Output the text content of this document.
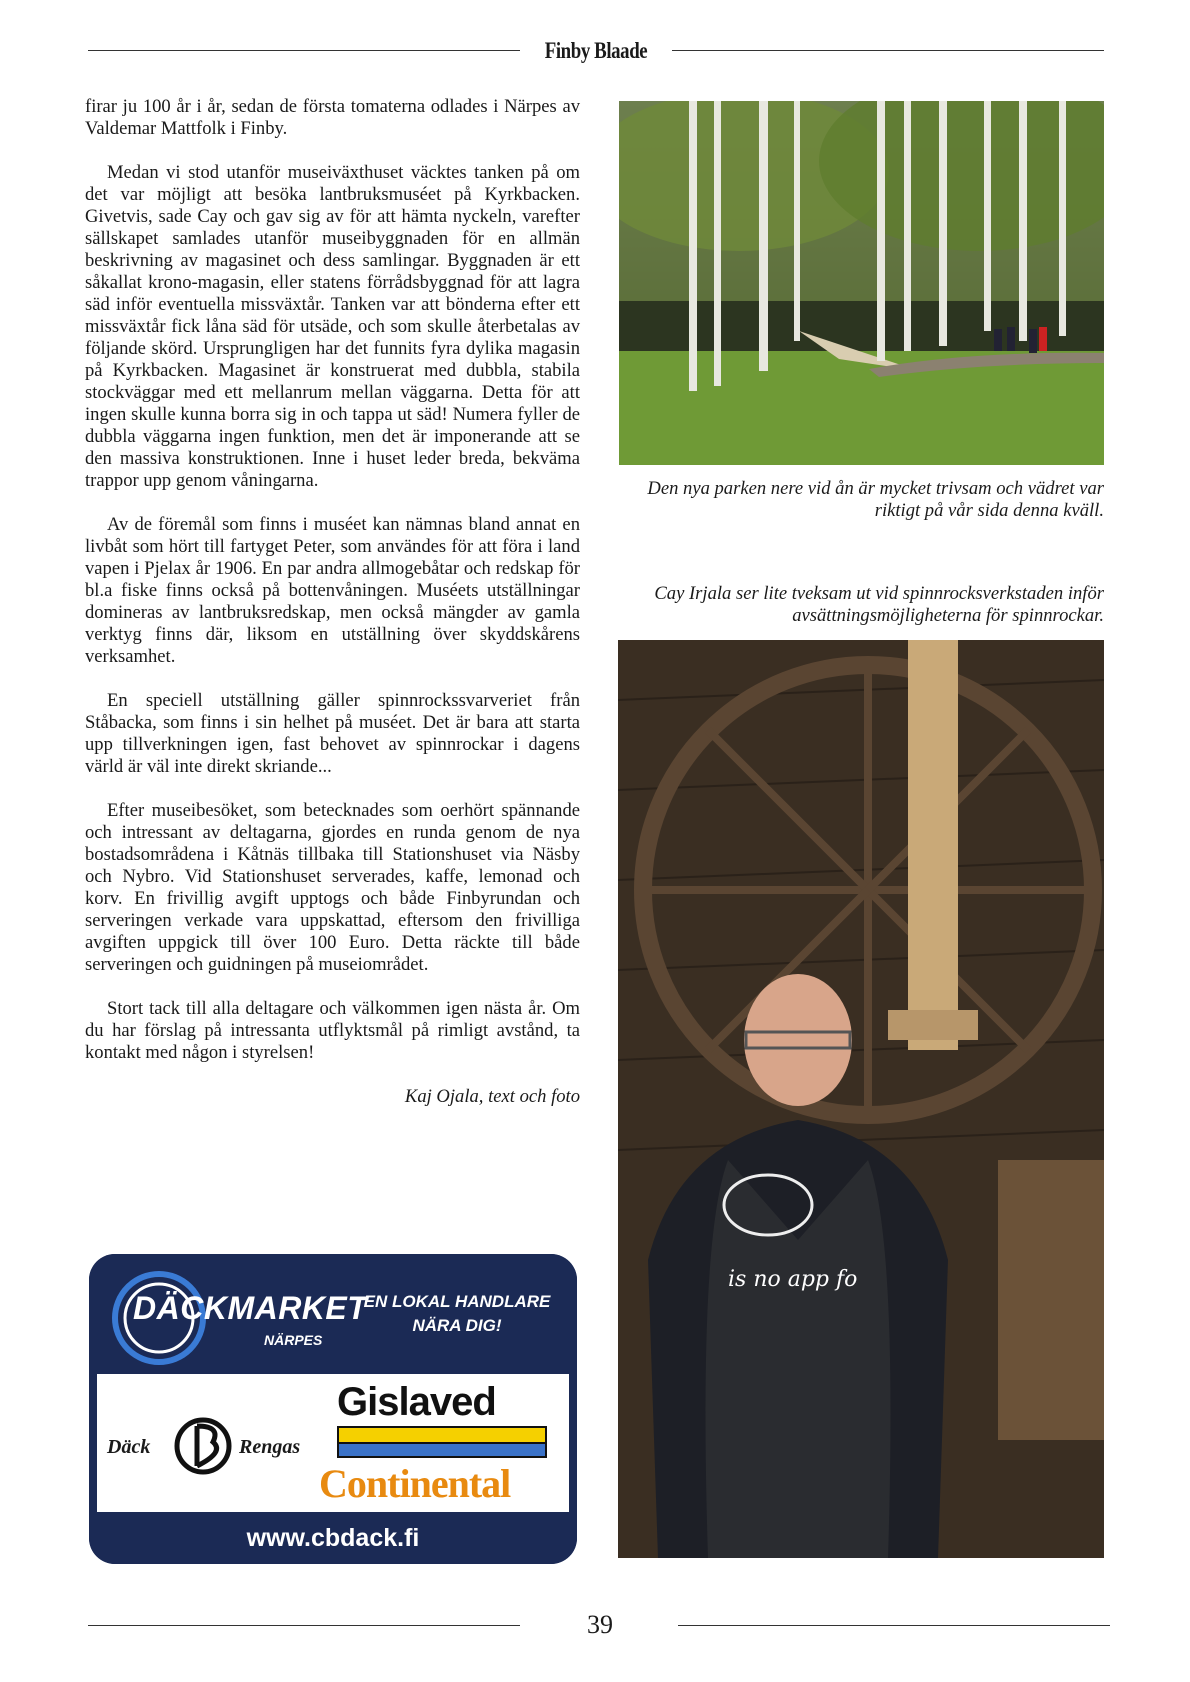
Finby Blaade

firar ju 100 år i år, sedan de första tomaterna odlades i Närpes av Valdemar Mattfolk i Finby.

Medan vi stod utanför museiväxthuset väcktes tanken på om det var möjligt att besöka lantbruksmuséet på Kyrkbacken. Givetvis, sade Cay och gav sig av för att hämta nyckeln, varefter sällskapet samlades utanför museibyggnaden för en allmän beskrivning av magasinet och dess samlingar. Byggnaden är ett såkallat krono-magasin, eller statens förrådsbyggnad för att lagra säd inför eventuella missväxtår. Tanken var att bönderna efter ett missväxtår fick låna säd för utsäde, och som skulle återbetalas av följande skörd. Ursprungligen har det funnits fyra dylika magasin på Kyrkbacken. Magasinet är konstruerat med dubbla, stabila stockväggar med ett mellanrum mellan väggarna. Detta för att ingen skulle kunna borra sig in och tappa ut säd! Numera fyller de dubbla väggarna ingen funktion, men det är imponerande att se den massiva konstruktionen. Inne i huset leder breda, bekväma trappor upp genom våningarna.

Av de föremål som finns i muséet kan nämnas bland annat en livbåt som hört till fartyget Peter, som användes för att föra i land vapen i Pjelax år 1906. En par andra allmogebåtar och redskap för bl.a fiske finns också på bottenvåningen. Muséets utställningar domineras av lantbruksredskap, men också mängder av gamla verktyg finns där, liksom en utställning över skyddskårens verksamhet.

En speciell utställning gäller spinnrockssvarveriet från Ståbacka, som finns i sin helhet på muséet. Det är bara att starta upp tillverkningen igen, fast behovet av spinnrockar i dagens värld är väl inte direkt skriande...

Efter museibesöket, som betecknades som oerhört spännande och intressant av deltagarna, gjordes en runda genom de nya bostadsområdena i Kåtnäs tillbaka till Stationshuset via Näsby och Nybro. Vid Stationshuset serverades, kaffe, lemonad och korv. En frivillig avgift upptogs och både Finbyrundan och serveringen verkade vara uppskattad, eftersom den frivilliga avgiften uppgick till över 100 Euro. Detta räckte till både serveringen och guidningen på museiområdet.

Stort tack till alla deltagare och välkommen igen nästa år. Om du har förslag på intressanta utflyktsmål på rimligt avstånd, ta kontakt med någon i styrelsen!

Kaj Ojala, text och foto

Den nya parken nere vid ån är mycket trivsam och vädret var riktigt på vår sida denna kväll.
Cay Irjala ser lite tveksam ut vid spinnrocksverkstaden inför avsättningsmöjligheterna för spinnrockar.
is no app fo
DÄCKMARKET
NÄRPES
EN LOKAL HANDLARE
NÄRA DIG!
Däck	Rengas
Gislaved
Continental
www.cbdack.fi
39
